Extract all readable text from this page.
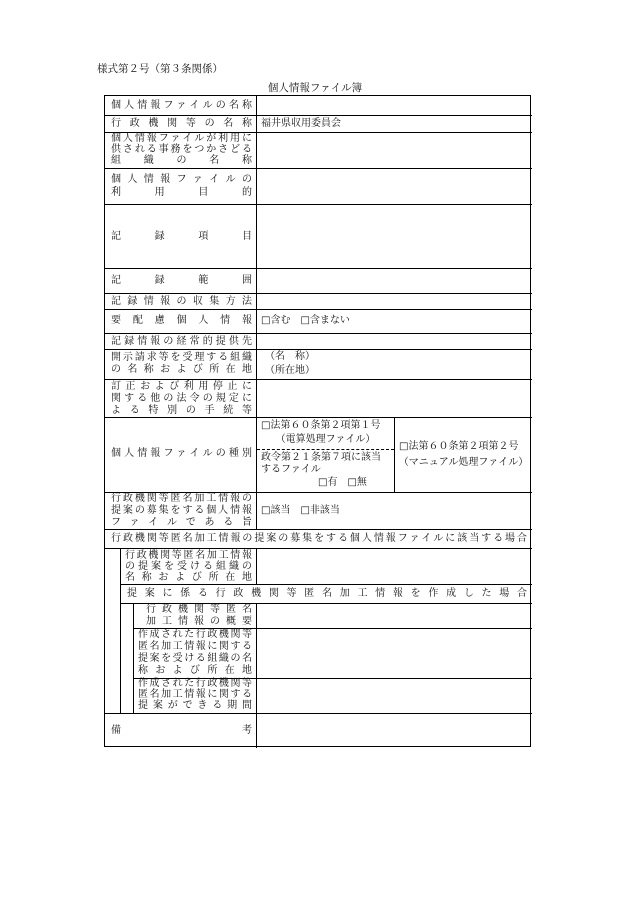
様式第２号（第３条関係）
個人情報ファイル簿
個人情報ファイルの名称
行政機関等の名称 福井県収用委員会
個人情報ファイルが利用に
供される事務をつかさどる
組織の名称
個人情報ファイルの
利用目的
記録項目
記録範囲
記録情報の収集方法
要配慮個人情報 □含む　□含まない
記録情報の経常的提供先
開示請求等を受理する組織
の名称および所在地
（名　称）
（所在地）
訂正および利用停止に
関する他の法令の規定に
よる特別の手続等
個人情報ファイルの種別
□法第６０条第２項第１号
（電算処理ファイル）
政令第２１条第７項に該当
するファイル
□有　□無
□法第６０条第２項第２号
（マニュアル処理ファイル）
行政機関等匿名加工情報の
提案の募集をする個人情報
ファイルである旨
□該当　□非該当
行政機関等匿名加工情報の提案の募集をする個人情報ファイルに該当する場合
行政機関等匿名加工情報
の提案を受ける組織の
名称および所在地
提案に係る行政機関等匿名加工情報を作成した場合
行政機関等匿名
加工情報の概要
作成された行政機関等
匿名加工情報に関する
提案を受ける組織の名
称および所在地
作成された行政機関等
匿名加工情報に関する
提案ができる期間
備考
